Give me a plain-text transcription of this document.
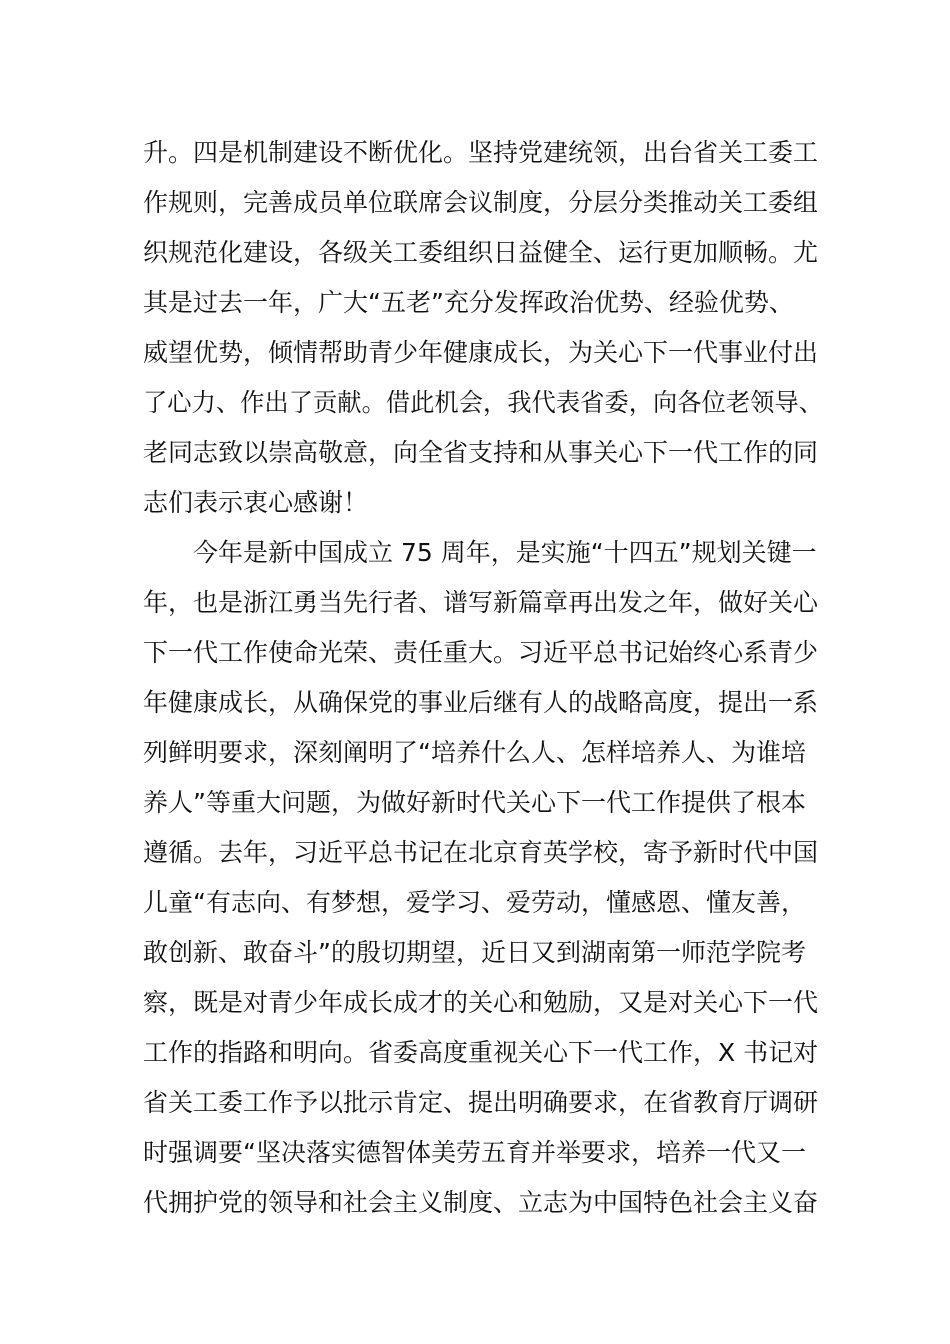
升。四是机制建设不断优化。坚持党建统领，出台省关工委工
作规则，完善成员单位联席会议制度，分层分类推动关工委组
织规范化建设，各级关工委组织日益健全、运行更加顺畅。尤
其是过去一年，广大“五老”充分发挥政治优势、经验优势、
威望优势，倾情帮助青少年健康成长，为关心下一代事业付出
了心力、作出了贡献。借此机会，我代表省委，向各位老领导、
老同志致以崇高敬意，向全省支持和从事关心下一代工作的同
志们表示衷心感谢！
今年是新中国成立 75 周年，是实施“十四五”规划关键一
年，也是浙江勇当先行者、谱写新篇章再出发之年，做好关心
下一代工作使命光荣、责任重大。习近平总书记始终心系青少
年健康成长，从确保党的事业后继有人的战略高度，提出一系
列鲜明要求，深刻阐明了“培养什么人、怎样培养人、为谁培
养人”等重大问题，为做好新时代关心下一代工作提供了根本
遵循。去年，习近平总书记在北京育英学校，寄予新时代中国
儿童“有志向、有梦想，爱学习、爱劳动，懂感恩、懂友善，
敢创新、敢奋斗”的殷切期望，近日又到湖南第一师范学院考
察，既是对青少年成长成才的关心和勉励，又是对关心下一代
工作的指路和明向。省委高度重视关心下一代工作，X 书记对
省关工委工作予以批示肯定、提出明确要求，在省教育厅调研
时强调要“坚决落实德智体美劳五育并举要求，培养一代又一
代拥护党的领导和社会主义制度、立志为中国特色社会主义奋
